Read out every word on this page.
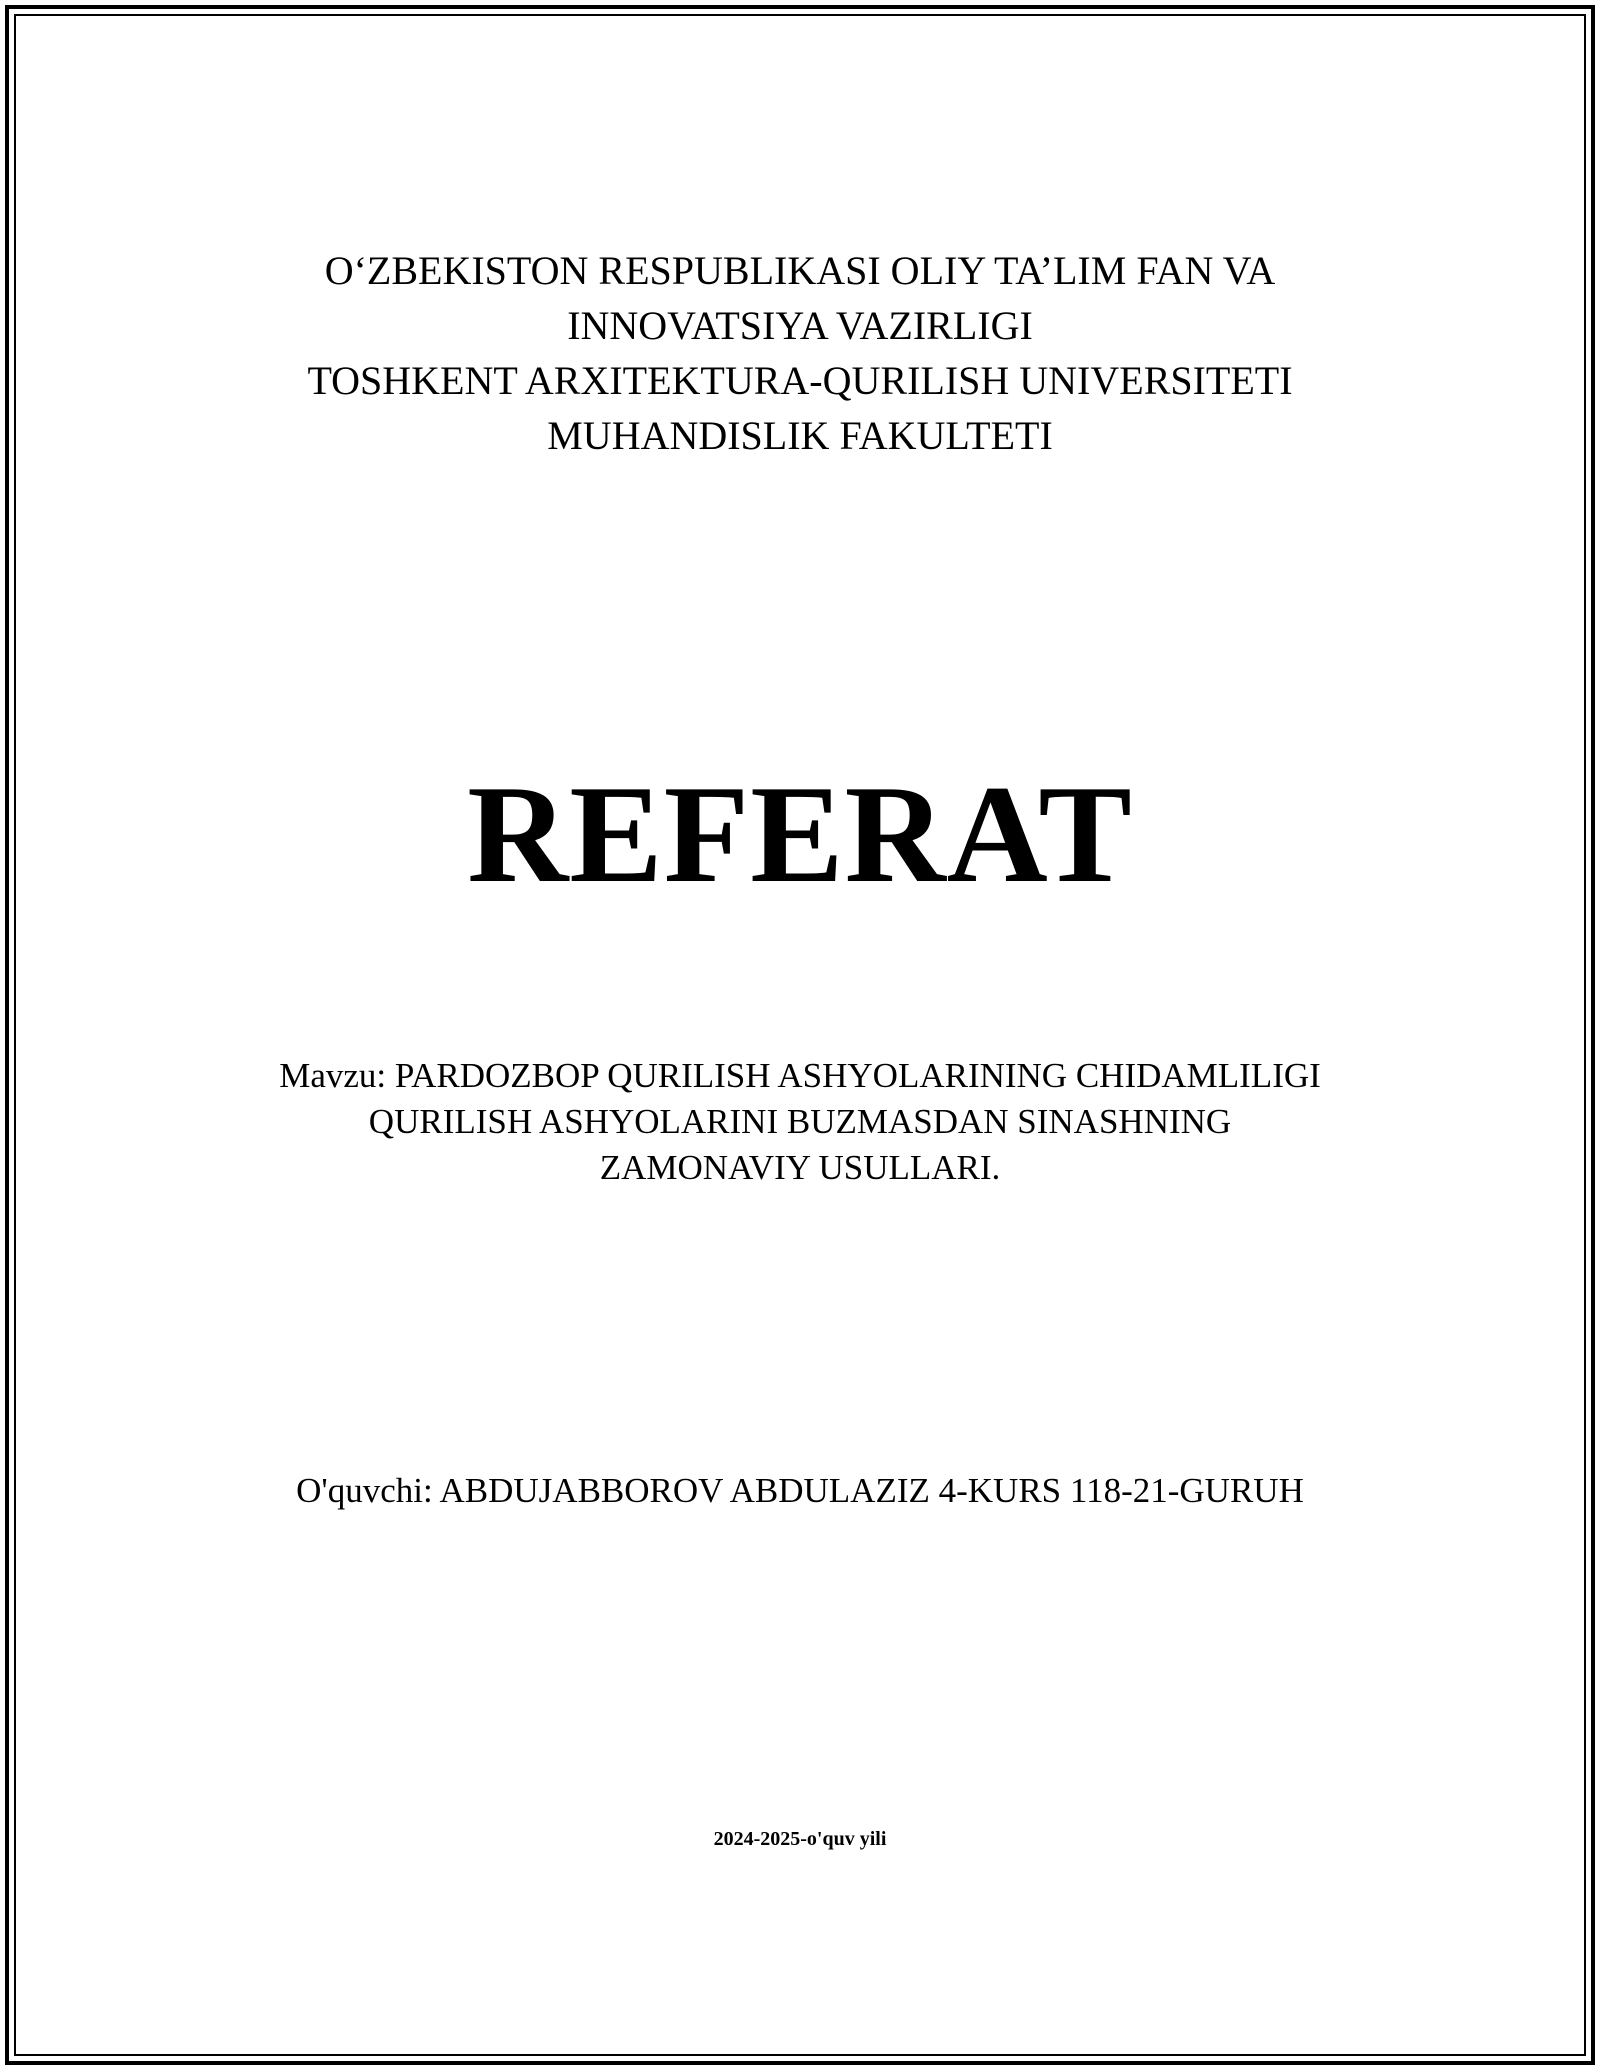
O‘ZBEKISTON RESPUBLIKASI OLIY TA’LIM FAN VA
INNOVATSIYA VAZIRLIGI
TOSHKENT ARXITEKTURA-QURILISH UNIVERSITETI
MUHANDISLIK FAKULTETI
REFERAT
Mavzu: PARDOZBOP QURILISH ASHYOLARINING CHIDAMLILIGI
QURILISH ASHYOLARINI BUZMASDAN SINASHNING
ZAMONAVIY USULLARI.
O'quvchi: ABDUJABBOROV ABDULAZIZ 4-KURS 118-21-GURUH
2024-2025-o'quv yili
